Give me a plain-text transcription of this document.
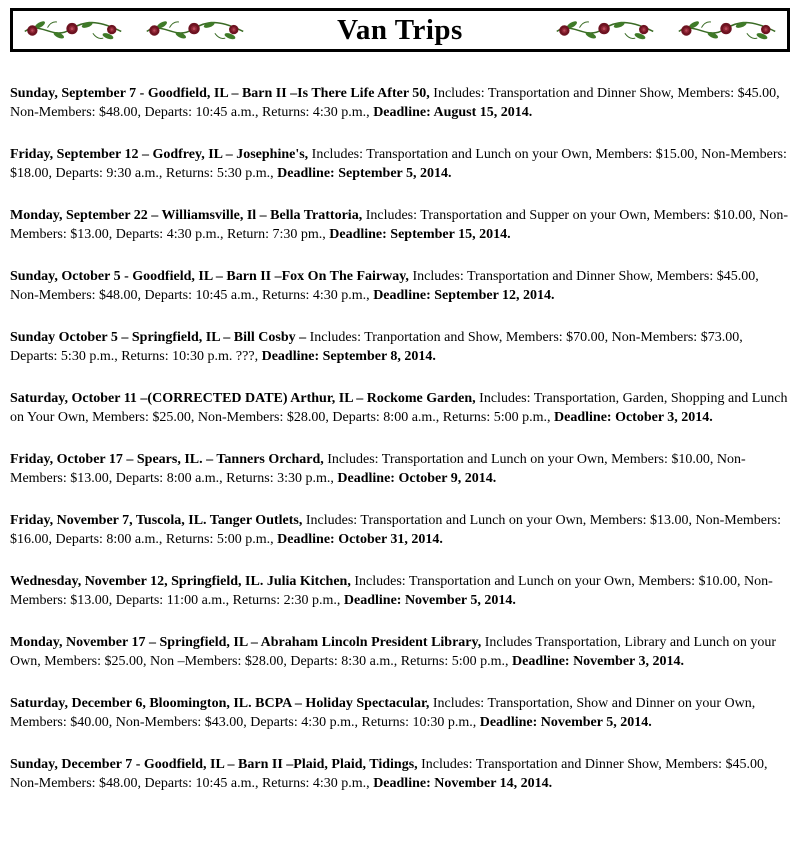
Van Trips

Sunday, September 7 - Goodfield, IL – Barn II –Is There Life After 50, Includes: Transportation and Dinner Show, Members: $45.00, Non-Members: $48.00, Departs: 10:45 a.m., Returns: 4:30 p.m., Deadline: August 15, 2014.

Friday, September 12 – Godfrey, IL – Josephine's, Includes: Transportation and Lunch on your Own, Members: $15.00, Non-Members: $18.00, Departs: 9:30 a.m., Returns: 5:30 p.m., Deadline: September 5, 2014.

Monday, September 22 – Williamsville, Il – Bella Trattoria, Includes: Transportation and Supper on your Own, Members: $10.00, Non-Members: $13.00, Departs: 4:30 p.m., Return: 7:30 pm., Deadline: September 15, 2014.

Sunday, October 5 - Goodfield, IL – Barn II –Fox On The Fairway, Includes: Transportation and Dinner Show, Members: $45.00, Non-Members: $48.00, Departs: 10:45 a.m., Returns: 4:30 p.m., Deadline: September 12, 2014.

Sunday October 5 – Springfield, IL – Bill Cosby – Includes: Tranportation and Show, Members: $70.00, Non-Members: $73.00, Departs: 5:30 p.m., Returns: 10:30 p.m. ???, Deadline: September 8, 2014.

Saturday, October 11 –(CORRECTED DATE) Arthur, IL – Rockome Garden, Includes: Transportation, Garden, Shopping and Lunch on Your Own, Members: $25.00, Non-Members: $28.00, Departs: 8:00 a.m., Returns: 5:00 p.m., Deadline: October 3, 2014.

Friday, October 17 – Spears, IL. – Tanners Orchard, Includes: Transportation and Lunch on your Own, Members: $10.00, Non-Members: $13.00, Departs: 8:00 a.m., Returns: 3:30 p.m., Deadline: October 9, 2014.

Friday, November 7, Tuscola, IL. Tanger Outlets, Includes: Transportation and Lunch on your Own, Members: $13.00, Non-Members: $16.00, Departs: 8:00 a.m., Returns: 5:00 p.m., Deadline: October 31, 2014.

Wednesday, November 12, Springfield, IL. Julia Kitchen, Includes: Transportation and Lunch on your Own, Members: $10.00, Non-Members: $13.00, Departs: 11:00 a.m., Returns: 2:30 p.m., Deadline: November 5, 2014.

Monday, November 17 – Springfield, IL – Abraham Lincoln President Library, Includes Transportation, Library and Lunch on your Own, Members: $25.00, Non –Members: $28.00, Departs: 8:30 a.m., Returns: 5:00 p.m., Deadline: November 3, 2014.

Saturday, December 6, Bloomington, IL. BCPA – Holiday Spectacular, Includes: Transportation, Show and Dinner on your Own, Members: $40.00, Non-Members: $43.00, Departs: 4:30 p.m., Returns: 10:30 p.m., Deadline: November 5, 2014.

Sunday, December 7 - Goodfield, IL – Barn II –Plaid, Plaid, Tidings, Includes: Transportation and Dinner Show, Members: $45.00, Non-Members: $48.00, Departs: 10:45 a.m., Returns: 4:30 p.m., Deadline: November 14, 2014.
